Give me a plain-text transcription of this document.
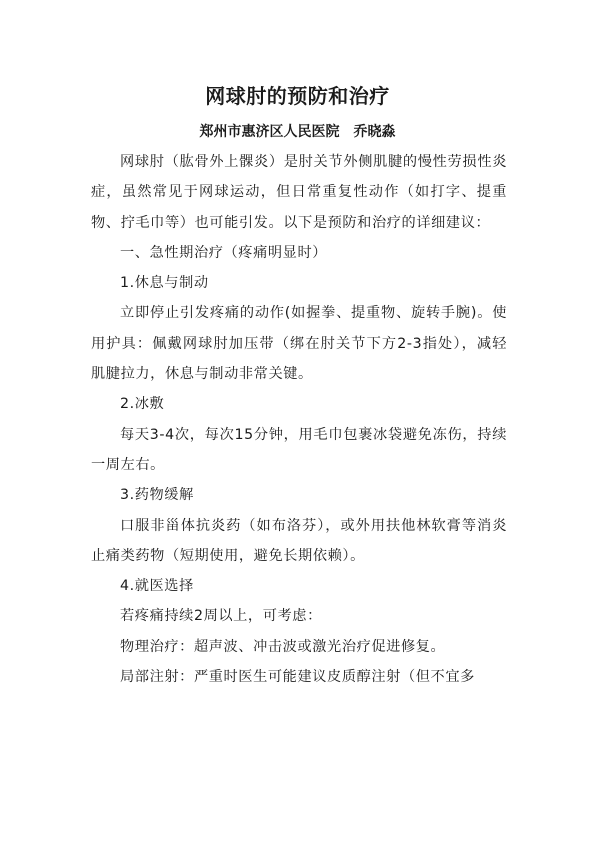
网球肘的预防和治疗
郑州市惠济区人民医院 乔晓淼

网球肘（肱骨外上髁炎）是肘关节外侧肌腱的慢性劳损性炎症，虽然常见于网球运动，但日常重复性动作（如打字、提重物、拧毛巾等）也可能引发。以下是预防和治疗的详细建议：

一、急性期治疗（疼痛明显时）

1.休息与制动

立即停止引发疼痛的动作(如握拳、提重物、旋转手腕)。使用护具：佩戴网球肘加压带（绑在肘关节下方2-3指处），减轻肌腱拉力，休息与制动非常关键。

2.冰敷

每天3-4次，每次15分钟，用毛巾包裹冰袋避免冻伤，持续一周左右。

3.药物缓解

口服非甾体抗炎药（如布洛芬），或外用扶他林软膏等消炎止痛类药物（短期使用，避免长期依赖）。

4.就医选择

若疼痛持续2周以上，可考虑：

物理治疗：超声波、冲击波或激光治疗促进修复。

局部注射：严重时医生可能建议皮质醇注射（但不宜多
